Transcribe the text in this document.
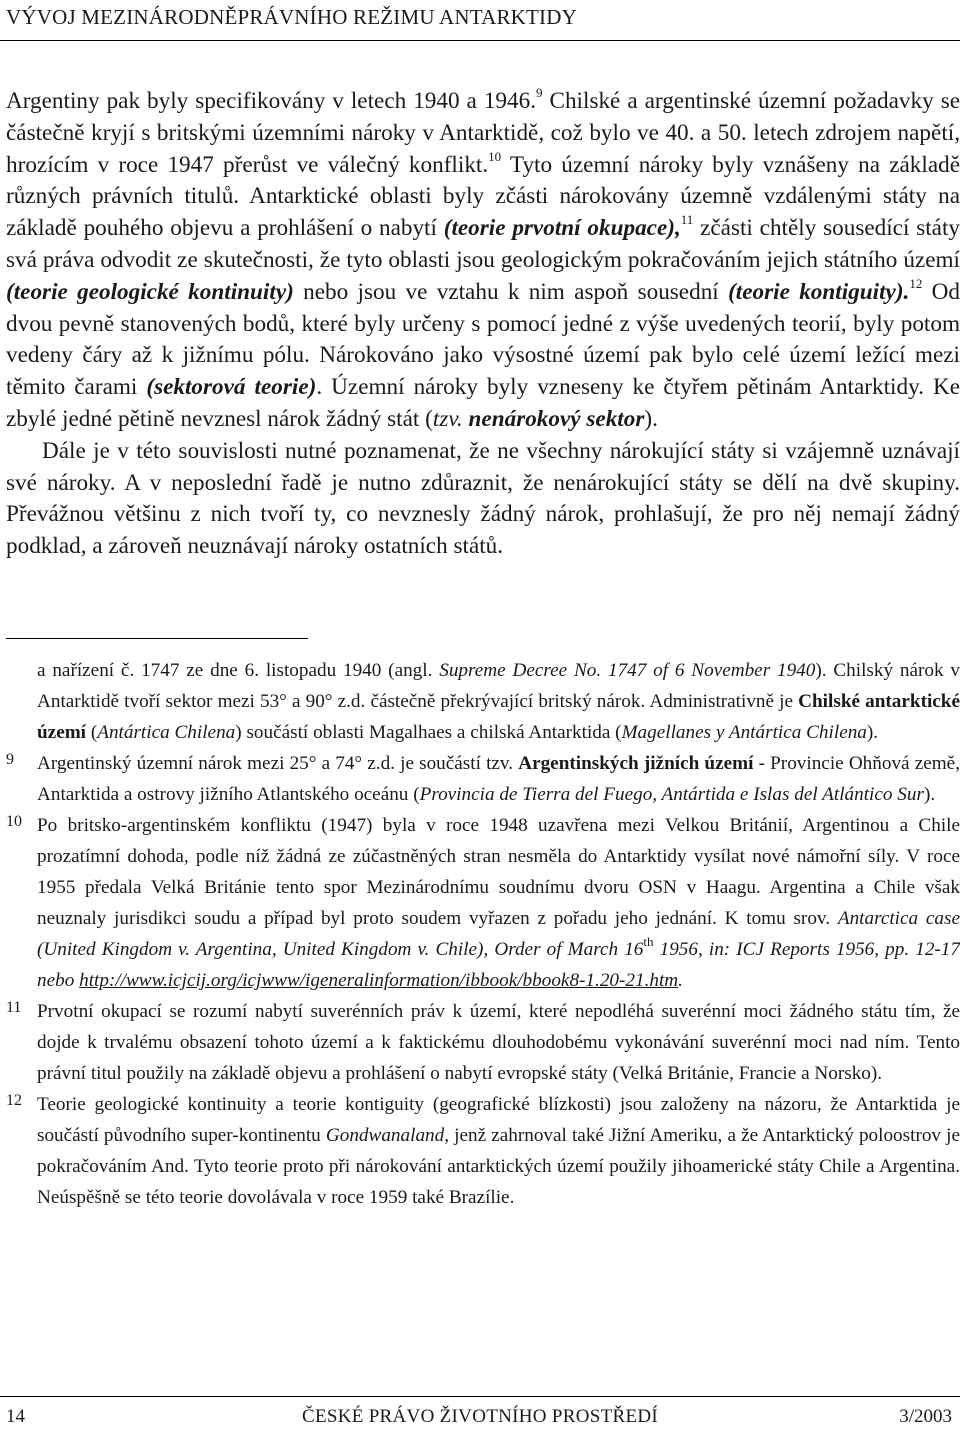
VÝVOJ MEZINÁRODNĚPRÁVNÍHO REŽIMU ANTARKTIDY

Argentiny pak byly specifikovány v letech 1940 a 1946.$^9$ Chilské a argentinské územní požadavky se částečně kryjí s britskými územními nároky v Antarktidě, což bylo ve 40. a 50. letech zdrojem napětí, hrozícím v roce 1947 přerůst ve válečný konflikt.$^{10}$ Tyto územní nároky byly vznášeny na základě různých právních titulů. Antarktické oblasti byly zčásti nárokovány územně vzdálenými státy na základě pouhého objevu a prohlášení o nabytí (teorie prvotní okupace),$^{11}$ zčásti chtěly sousedící státy svá práva odvodit ze skutečnosti, že tyto oblasti jsou geologickým pokračováním jejich státního území (teorie geologické kontinuity) nebo jsou ve vztahu k nim aspoň sousední (teorie kontiguity).$^{12}$ Od dvou pevně stanovených bodů, které byly určeny s pomocí jedné z výše uvedených teorií, byly potom vedeny čáry až k jižnímu pólu. Nárokováno jako výsostné území pak bylo celé území ležící mezi těmito čarami (sektorová teorie). Územní nároky byly vzneseny ke čtyřem pětinám Antarktidy. Ke zbylé jedné pětině nevznesl nárok žádný stát (tzv. nenárokový sektor).

Dále je v této souvislosti nutné poznamenat, že ne všechny nárokující státy si vzájemně uznávají své nároky. A v neposlední řadě je nutno zdůraznit, že nenárokující státy se dělí na dvě skupiny. Převážnou většinu z nich tvoří ty, co nevznesly žádný nárok, prohlašují, že pro něj nemají žádný podklad, a zároveň neuznávají nároky ostatních států.

a nařízení č. 1747 ze dne 6. listopadu 1940 (angl. Supreme Decree No. 1747 of 6 November 1940). Chilský nárok v Antarktidě tvoří sektor mezi 53° a 90° z.d. částečně překrývající britský nárok. Administrativně je Chilské antarktické území (Antártica Chilena) součástí oblasti Magalhaes a chilská Antarktida (Magellanes y Antártica Chilena).

9 Argentinský územní nárok mezi 25° a 74° z.d. je součástí tzv. Argentinských jižních území - Provincie Ohňová země, Antarktida a ostrovy jižního Atlantského oceánu (Provincia de Tierra del Fuego, Antártida e Islas del Atlántico Sur).

10 Po britsko-argentinském konfliktu (1947) byla v roce 1948 uzavřena mezi Velkou Británií, Argentinou a Chile prozatímní dohoda, podle níž žádná ze zúčastněných stran nesměla do Antarktidy vysílat nové námořní síly. V roce 1955 předala Velká Británie tento spor Mezinárodnímu soudnímu dvoru OSN v Haagu. Argentina a Chile však neuznaly jurisdikci soudu a případ byl proto soudem vyřazen z pořadu jeho jednání. K tomu srov. Antarctica case (United Kingdom v. Argentina, United Kingdom v. Chile), Order of March 16th 1956, in: ICJ Reports 1956, pp. 12-17 nebo http://www.icjcij.org/icjwww/igeneralinformation/ibbook/bbook8-1.20-21.htm.

11 Prvotní okupací se rozumí nabytí suverénních práv k území, které nepodléhá suverénní moci žádného státu tím, že dojde k trvalému obsazení tohoto území a k faktickému dlouhodobému vykonávání suverénní moci nad ním. Tento právní titul použily na základě objevu a prohlášení o nabytí evropské státy (Velká Británie, Francie a Norsko).

12 Teorie geologické kontinuity a teorie kontiguity (geografické blízkosti) jsou založeny na názoru, že Antarktida je součástí původního super-kontinentu Gondwanaland, jenž zahrnoval také Jižní Ameriku, a že Antarktický poloostrov je pokračováním And. Tyto teorie proto při nárokování antarktických území použily jihoamerické státy Chile a Argentina. Neúspěšně se této teorie dovolávala v roce 1959 také Brazílie.

14	ČESKÉ PRÁVO ŽIVOTNÍHO PROSTŘEDÍ	3/2003
